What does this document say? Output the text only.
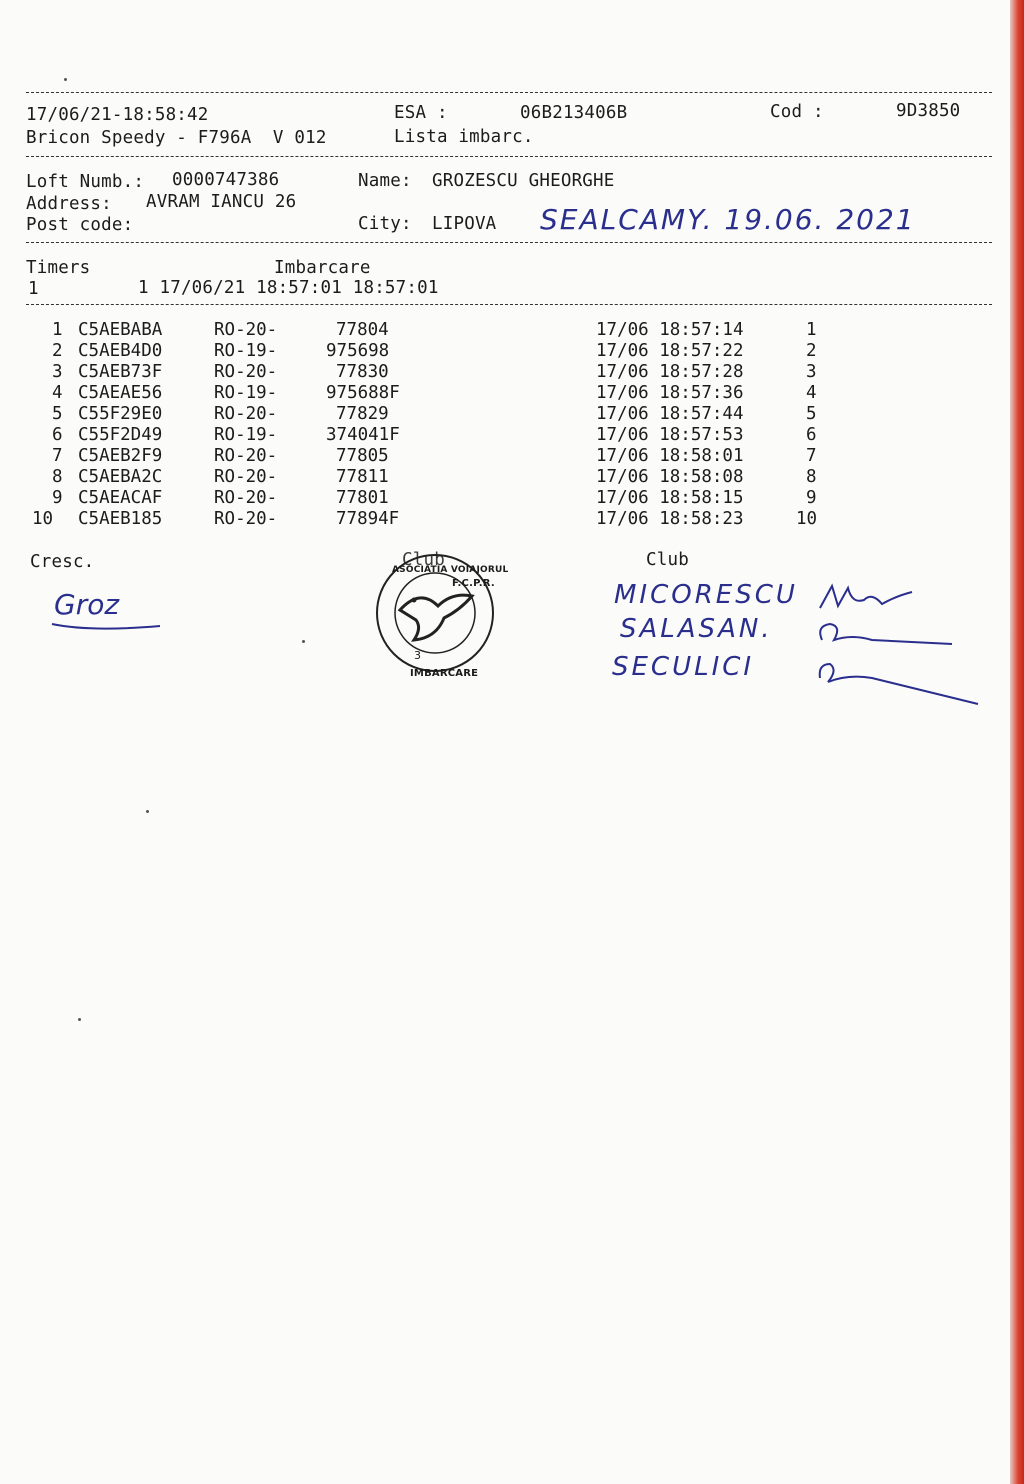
17/06/21-18:58:42	ESA :	06B213406B	Cod :	9D3850
Bricon Speedy - F796A  V 012	Lista imbarc.
Loft Numb.: 0000747386	Name: GROZESCU GHEORGHE
Address: AVRAM IANCU 26
Post code:	City: LIPOVA SEALCAMY. 19.06. 2021
Timers	Imbarcare
1	1 17/06/21 18:57:01 18:57:01
1 C5AEBABA	RO-20-	77804	17/06 18:57:14	1
2 C5AEB4D0	RO-19-	975698	17/06 18:57:22	2
3 C5AEB73F	RO-20-	77830	17/06 18:57:28	3
4 C5AEAE56	RO-19-	975688F	17/06 18:57:36	4
5 C55F29E0	RO-20-	77829	17/06 18:57:44	5
6 C55F2D49	RO-19-	374041F	17/06 18:57:53	6
7 C5AEB2F9	RO-20-	77805	17/06 18:58:01	7
8 C5AEBA2C	RO-20-	77811	17/06 18:58:08	8
9 C5AEACAF	RO-20-	77801	17/06 18:58:15	9
10 C5AEB185	RO-20-	77894F	17/06 18:58:23	10
Cresc.	Club
Club
Groz
ASOCIATIA VOIAJORUL
F.C.P.R.
3
IMBARCARE
MICORESCU
SALASAN.
SECULICI
